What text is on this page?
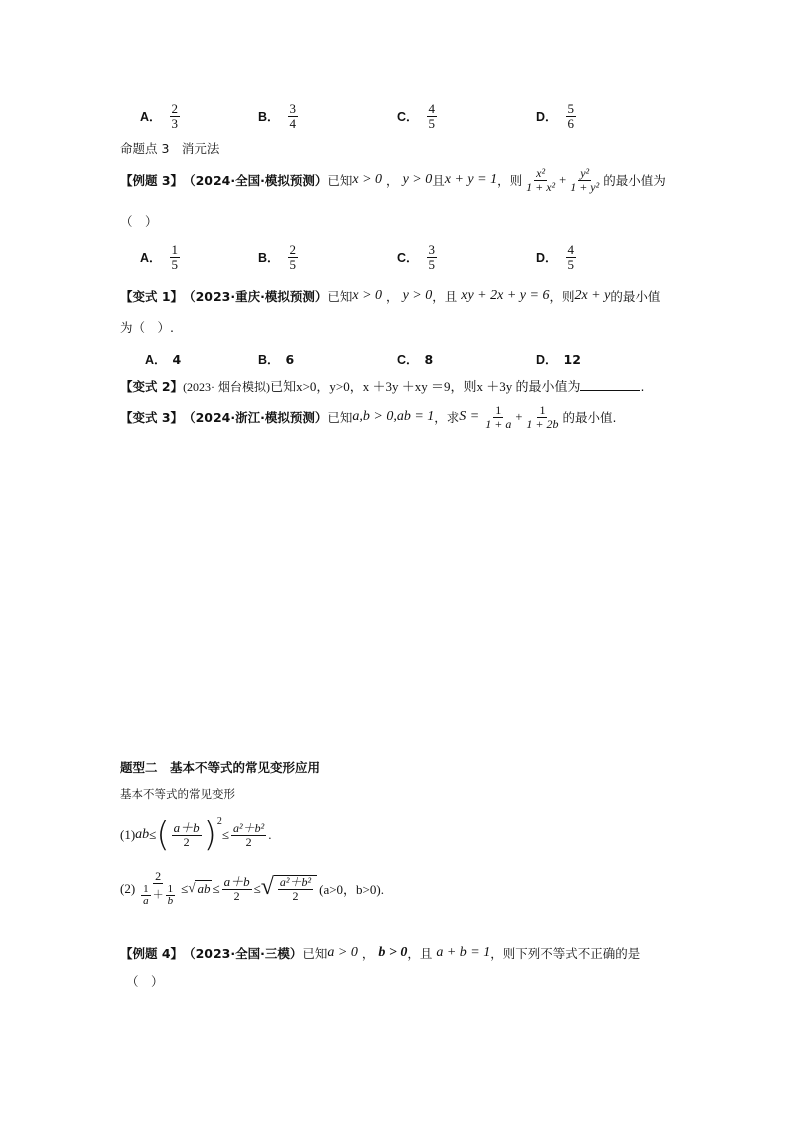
A． $\frac{2}{3}$	B． $\frac{3}{4}$	C． $\frac{4}{5}$	D． $\frac{5}{6}$
命题点 3　消元法
【例题 3】 （2024·全国·模拟预测） 已知 x > 0 ， y > 0 且 x + y = 1 ，则 $\frac{\text{x²}}{\text{1 + x²}} + \frac{\text{y²}}{\text{1 + y²}}$ 的最小值为
（　）
A． $\frac{1}{5}$	B． $\frac{2}{5}$	C． $\frac{3}{5}$	D． $\frac{4}{5}$
【变式 1】 （2023·重庆·模拟预测） 已知 x > 0 ， y > 0 ，且 xy + 2x + y = 6 ，则 2x + y 的最小值
为（　）.
A． 4	B． 6	C． 8	D． 12
【变式 2】 (2023· 烟台模拟) 已知x>0，y>0，x ＋3y ＋xy ＝9，则x ＋3y 的最小值为	.
【变式 3】 （2024·浙江·模拟预测） 已知 a,b > 0,ab = 1 ，求 $S = \frac{1}{1 + a} + \frac{1}{1 + 2b}$ 的最小值.
题型二　基本不等式的常见变形应用
基本不等式的常见变形
(1) ab ≤ ( $\frac{a+b}{2}$ ) 2
≤ $\frac{\text{a²＋b²}}{2}$ .
$(2) \frac{2}{\frac{1}{a} + \frac{1}{b}}$ ≤ √ ab ≤ $\frac{a+b}{2}$ ≤ √ $\frac{\text{a²＋b²}}{2} (a>0$，b>0).
【例题 4】 （2023·全国·三模） 已知 a > 0 ， b > 0 ，且 a + b = 1 ，则下列不等式不正确的是
（　）
